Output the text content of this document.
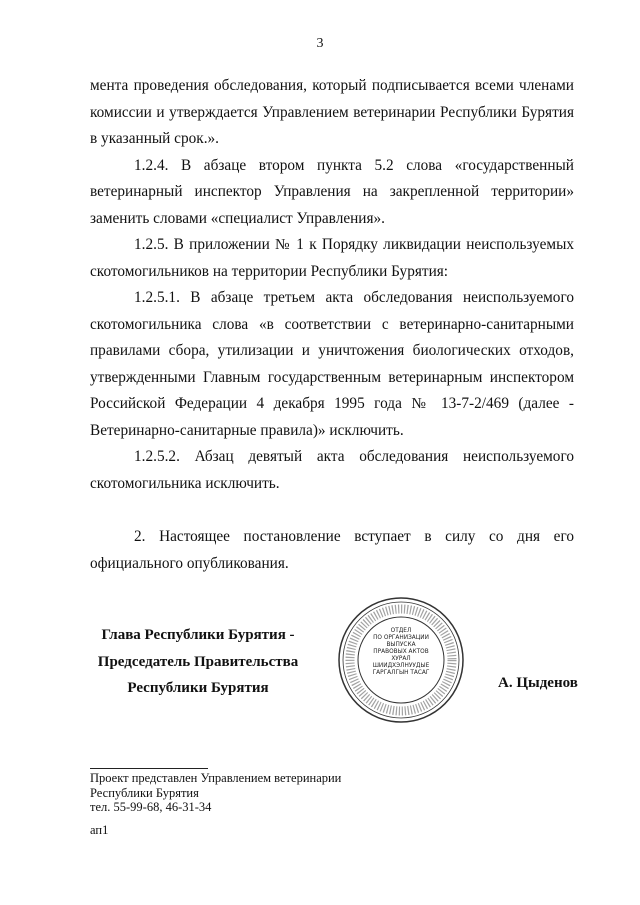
3

мента проведения обследования, который подписывается всеми членами комиссии и утверждается Управлением ветеринарии Республики Бурятия в указанный срок.».

1.2.4. В абзаце втором пункта 5.2 слова «государственный ветеринарный инспектор Управления на закрепленной территории» заменить словами «специалист Управления».

1.2.5. В приложении № 1 к Порядку ликвидации неиспользуемых скотомогильников на территории Республики Бурятия:

1.2.5.1. В абзаце третьем акта обследования неиспользуемого скотомогильника слова «в соответствии с ветеринарно-санитарными правилами сбора, утилизации и уничтожения биологических отходов, утвержденными Главным государственным ветеринарным инспектором Российской Федерации 4 декабря 1995 года № 13-7-2/469 (далее - Ветеринарно-санитарные правила)» исключить.

1.2.5.2. Абзац девятый акта обследования неиспользуемого скотомогильника исключить.

2. Настоящее постановление вступает в силу со дня его официального опубликования.

Глава Республики Бурятия -
Председатель Правительства
Республики Бурятия
ОТДЕЛ
ПО ОРГАНИЗАЦИИ
ВЫПУСКА
ПРАВОВЫХ АКТОВ
ХУРАЛ
ШИИДХЭЛНУУДЫЕ
ГАРГАЛГЫН ТАСАГ
А. Цыденов
Проект представлен Управлением ветеринарии
Республики Бурятия
тел. 55-99-68, 46-31-34
ап1
